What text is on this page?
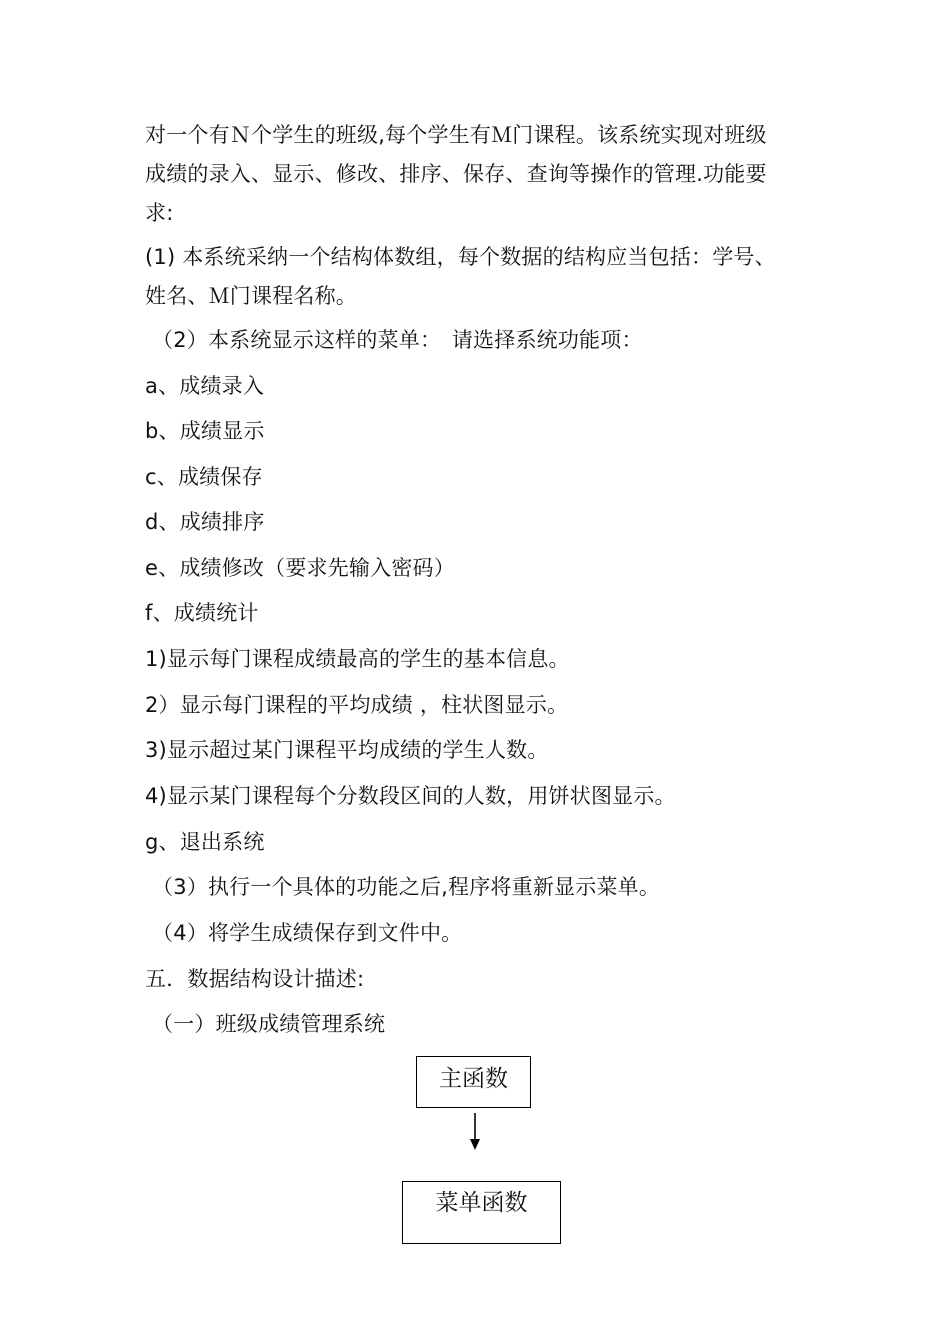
对一个有Ｎ个学生的班级,每个学生有Ｍ门课程。该系统实现对班级
成绩的录入、显示、修改、排序、保存、查询等操作的管理.功能要
求:
(1) 本系统采纳一个结构体数组，每个数据的结构应当包括：学号、
姓名、Ｍ门课程名称。
（2）本系统显示这样的菜单：　请选择系统功能项：
a、成绩录入
b、成绩显示
c、成绩保存
d、成绩排序
e、成绩修改（要求先输入密码）
f、成绩统计
1)显示每门课程成绩最高的学生的基本信息。
2）显示每门课程的平均成绩 ，柱状图显示。
3)显示超过某门课程平均成绩的学生人数。
4)显示某门课程每个分数段区间的人数，用饼状图显示。
g、退出系统
（3）执行一个具体的功能之后,程序将重新显示菜单。
（4）将学生成绩保存到文件中。
五．数据结构设计描述:
（一）班级成绩管理系统
主函数
菜单函数
